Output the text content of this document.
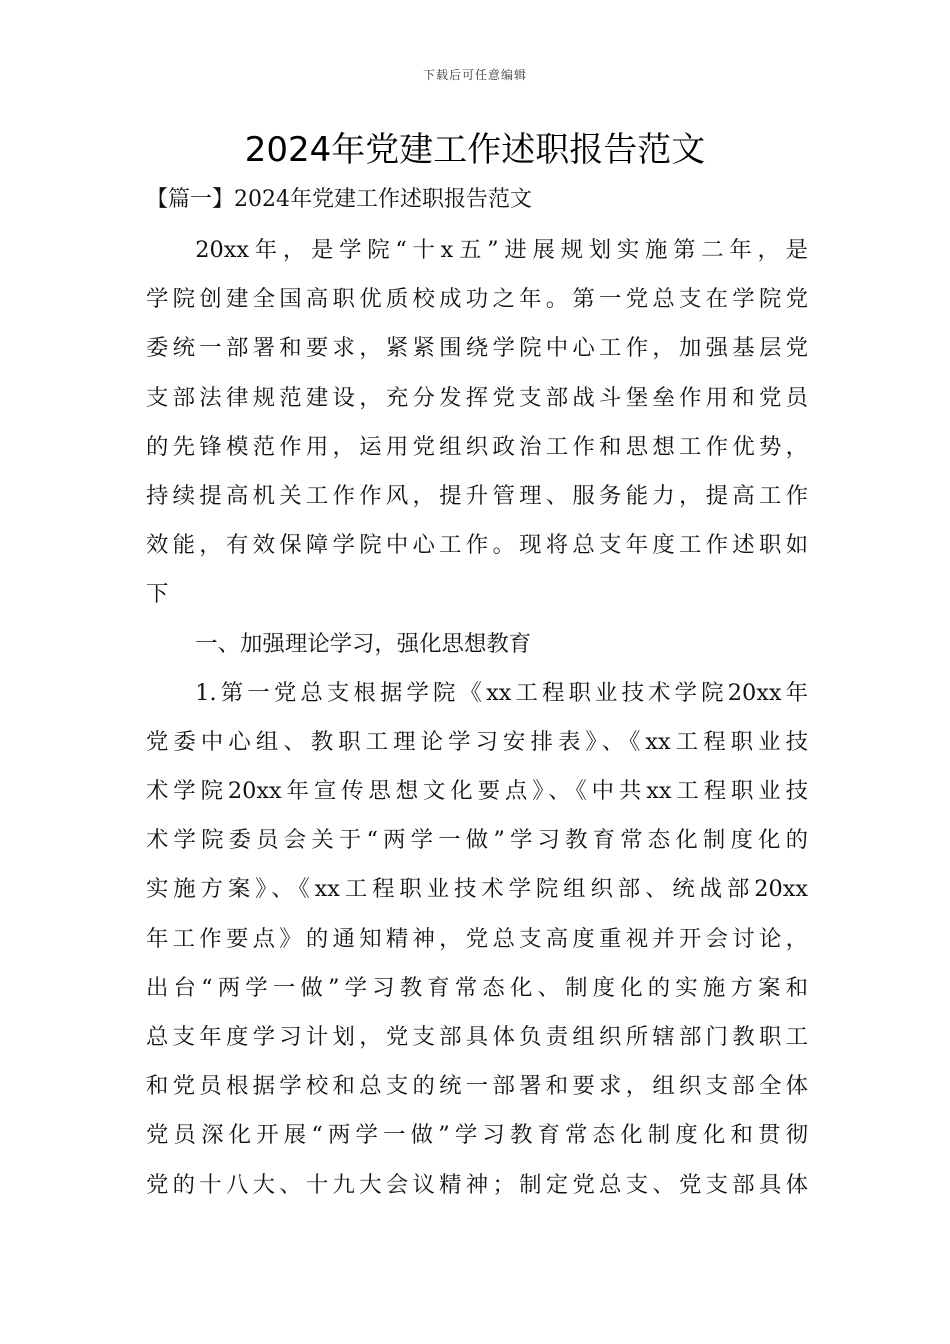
下载后可任意编辑
2024年党建工作述职报告范文
【篇一】2024年党建工作述职报告范文
20xx年，是学院“十x五”进展规划实施第二年，是
学院创建全国高职优质校成功之年。第一党总支在学院党
委统一部署和要求，紧紧围绕学院中心工作，加强基层党
支部法律规范建设，充分发挥党支部战斗堡垒作用和党员
的先锋模范作用，运用党组织政治工作和思想工作优势，
持续提高机关工作作风，提升管理、服务能力，提高工作
效能，有效保障学院中心工作。现将总支年度工作述职如
下
一、加强理论学习，强化思想教育
1.第一党总支根据学院《xx工程职业技术学院20xx年
党委中心组、教职工理论学习安排表》、《xx工程职业技
术学院20xx年宣传思想文化要点》、《中共xx工程职业技
术学院委员会关于“两学一做”学习教育常态化制度化的
实施方案》、《xx工程职业技术学院组织部、统战部20xx
年工作要点》的通知精神，党总支高度重视并开会讨论，
出台“两学一做”学习教育常态化、制度化的实施方案和
总支年度学习计划，党支部具体负责组织所辖部门教职工
和党员根据学校和总支的统一部署和要求，组织支部全体
党员深化开展“两学一做”学习教育常态化制度化和贯彻
党的十八大、十九大会议精神；制定党总支、党支部具体
